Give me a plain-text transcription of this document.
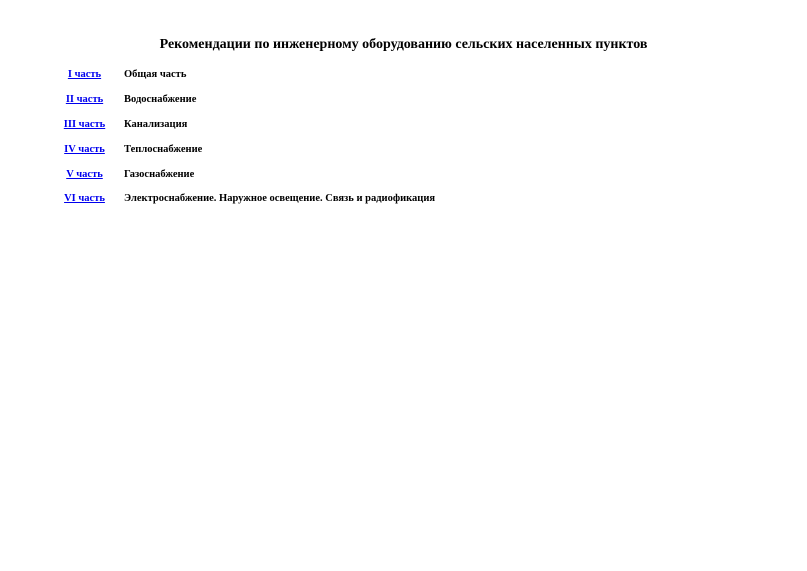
Рекомендации по инженерному оборудованию сельских населенных пунктов
I часть	Общая часть
II часть	Водоснабжение
III часть	Канализация
IV часть	Теплоснабжение
V часть	Газоснабжение
VI часть	Электроснабжение. Наружное освещение. Связь и радиофикация
